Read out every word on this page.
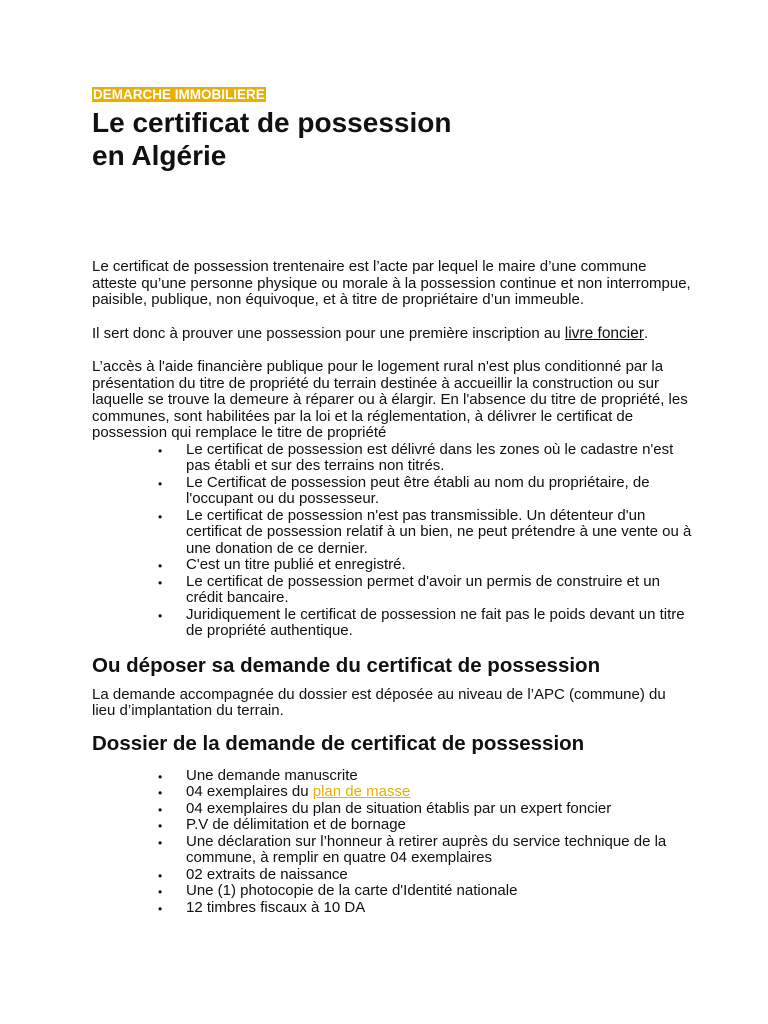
DEMARCHE IMMOBILIERE
Le certificat de possession
en Algérie

Le certificat de possession trentenaire est l’acte par lequel le maire d’une commune atteste qu’une personne physique ou morale à la possession continue et non interrompue, paisible, publique, non équivoque, et à titre de propriétaire d’un immeuble.

Il sert donc à prouver une possession pour une première inscription au livre foncier.

L’accès à l'aide financière publique pour le logement rural n'est plus conditionné par la présentation du titre de propriété du terrain destinée à accueillir la construction ou sur laquelle se trouve la demeure à réparer ou à élargir. En l'absence du titre de propriété, les communes, sont habilitées par la loi et la réglementation, à délivrer le certificat de possession qui remplace le titre de propriété

• Le certificat de possession est délivré dans les zones où le cadastre n'est pas établi et sur des terrains non titrés.
• Le Certificat de possession peut être établi au nom du propriétaire, de l'occupant ou du possesseur.
• Le certificat de possession n'est pas transmissible. Un détenteur d'un certificat de possession relatif à un bien, ne peut prétendre à une vente ou à une donation de ce dernier.
• C'est un titre publié et enregistré.
• Le certificat de possession permet d'avoir un permis de construire et un crédit bancaire.
• Juridiquement le certificat de possession ne fait pas le poids devant un titre de propriété authentique.
Ou déposer sa demande du certificat de possession

La demande accompagnée du dossier est déposée au niveau de l’APC (commune) du lieu d’implantation du terrain.

Dossier de la demande de certificat de possession
• Une demande manuscrite
• 04 exemplaires du plan de masse
• 04 exemplaires du plan de situation établis par un expert foncier
• P.V de délimitation et de bornage
• Une déclaration sur l’honneur à retirer auprès du service technique de la commune, à remplir en quatre 04 exemplaires
• 02 extraits de naissance
• Une (1) photocopie de la carte d'Identité nationale
• 12 timbres fiscaux à 10 DA
